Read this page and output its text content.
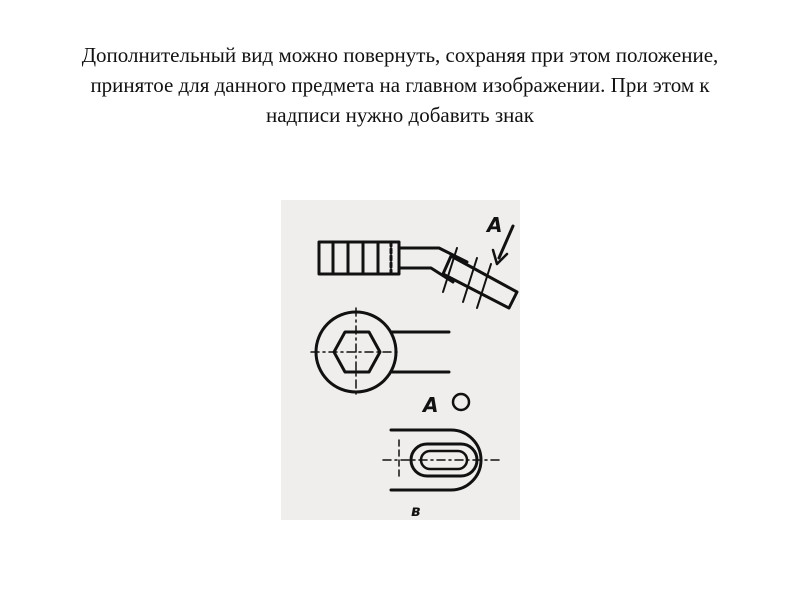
Дополнительный вид можно повернуть, сохраняя при этом положение, принятое для данного предмета на главном изображении. При этом к надписи нужно добавить знак

А
А
в
